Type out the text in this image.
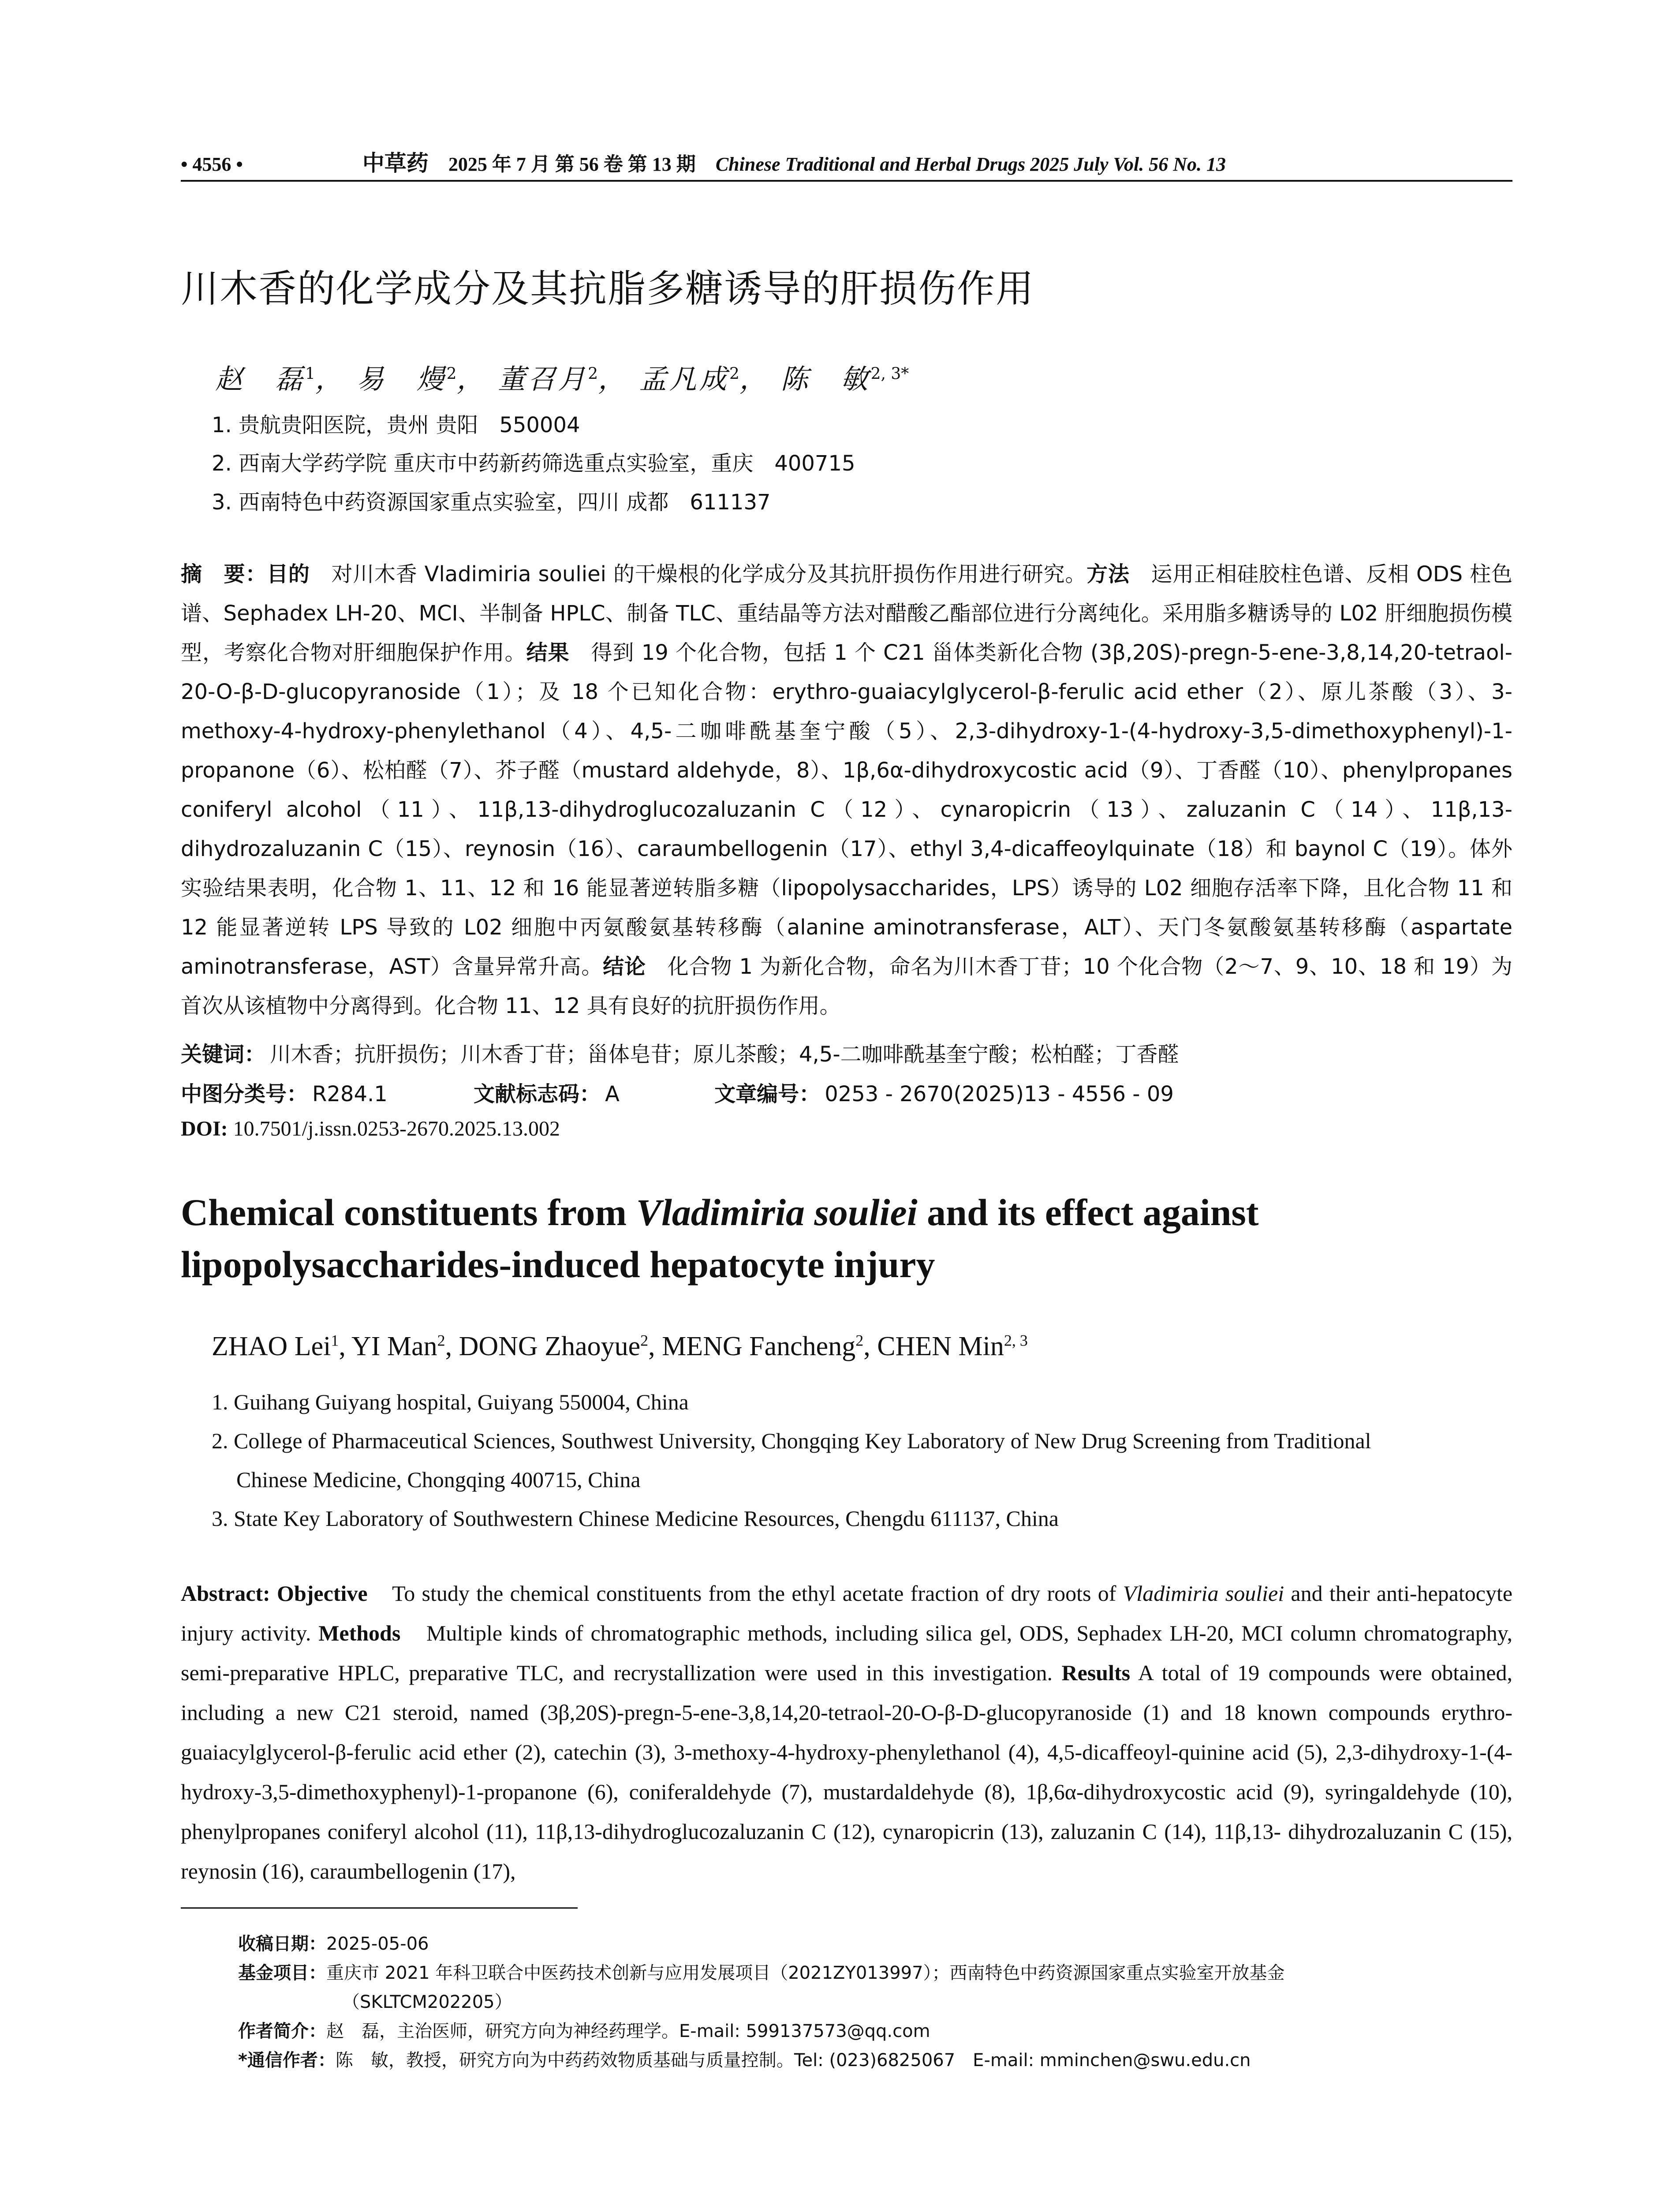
• 4556 •	中草药 2025 年 7 月 第 56 卷 第 13 期 Chinese Traditional and Herbal Drugs 2025 July Vol. 56 No. 13
川木香的化学成分及其抗脂多糖诱导的肝损伤作用
赵　磊$^1$， 易　熳$^2$， 董召月$^2$， 孟凡成$^2$， 陈　敏$^{2, 3*}$
1. 贵航贵阳医院，贵州 贵阳　550004
2. 西南大学药学院 重庆市中药新药筛选重点实验室，重庆　400715
3. 西南特色中药资源国家重点实验室，四川 成都　611137
摘　要：目的　对川木香 Vladimiria souliei 的干燥根的化学成分及其抗肝损伤作用进行研究。方法　运用正相硅胶柱色谱、反相 ODS 柱色谱、Sephadex LH-20、MCI、半制备 HPLC、制备 TLC、重结晶等方法对醋酸乙酯部位进行分离纯化。采用脂多糖诱导的 L02 肝细胞损伤模型，考察化合物对肝细胞保护作用。结果　得到 19 个化合物，包括 1 个 C21 甾体类新化合物 (3β,20S)-pregn-5-ene-3,8,14,20-tetraol-20-O-β-D-glucopyranoside（1）；及 18 个已知化合物：erythro-guaiacylglycerol-β-ferulic acid ether（2）、原儿茶酸（3）、3-methoxy-4-hydroxy-phenylethanol（4）、4,5-二咖啡酰基奎宁酸（5）、2,3-dihydroxy-1-(4-hydroxy-3,5-dimethoxyphenyl)-1-propanone（6）、松柏醛（7）、芥子醛（mustard aldehyde，8）、1β,6α-dihydroxycostic acid（9）、丁香醛（10）、phenylpropanes coniferyl alcohol（11）、11β,13-dihydroglucozaluzanin C（12）、cynaropicrin（13）、zaluzanin C（14）、11β,13-dihydrozaluzanin C（15）、reynosin（16）、caraumbellogenin（17）、ethyl 3,4-dicaffeoylquinate（18）和 baynol C（19）。体外实验结果表明，化合物 1、11、12 和 16 能显著逆转脂多糖（lipopolysaccharides，LPS）诱导的 L02 细胞存活率下降，且化合物 11 和 12 能显著逆转 LPS 导致的 L02 细胞中丙氨酸氨基转移酶（alanine aminotransferase，ALT）、天门冬氨酸氨基转移酶（aspartate aminotransferase，AST）含量异常升高。结论　化合物 1 为新化合物，命名为川木香丁苷；10 个化合物（2～7、9、10、18 和 19）为首次从该植物中分离得到。化合物 11、12 具有良好的抗肝损伤作用。
关键词： 川木香；抗肝损伤；川木香丁苷；甾体皂苷；原儿茶酸；4,5-二咖啡酰基奎宁酸；松柏醛；丁香醛
中图分类号： R284.1	文献标志码： A	文章编号： 0253 - 2670(2025)13 - 4556 - 09
DOI: 10.7501/j.issn.0253-2670.2025.13.002
Chemical constituents from Vladimiria souliei and its effect against lipopolysaccharides-induced hepatocyte injury
ZHAO Lei$^1$, YI Man$^2$, DONG Zhaoyue$^2$, MENG Fancheng$^2$, CHEN Min$^{2, 3}$
1. Guihang Guiyang hospital, Guiyang 550004, China
2. College of Pharmaceutical Sciences, Southwest University, Chongqing Key Laboratory of New Drug Screening from Traditional
Chinese Medicine, Chongqing 400715, China
3. State Key Laboratory of Southwestern Chinese Medicine Resources, Chengdu 611137, China
Abstract: Objective　To study the chemical constituents from the ethyl acetate fraction of dry roots of Vladimiria souliei and their anti-hepatocyte injury activity. Methods　Multiple kinds of chromatographic methods, including silica gel, ODS, Sephadex LH-20, MCI column chromatography, semi-preparative HPLC, preparative TLC, and recrystallization were used in this investigation. Results A total of 19 compounds were obtained, including a new C21 steroid, named (3β,20S)-pregn-5-ene-3,8,14,20-tetraol-20-O-β-D-glucopyranoside (1) and 18 known compounds erythro-guaiacylglycerol-β-ferulic acid ether (2), catechin (3), 3-methoxy-4-hydroxy-phenylethanol (4), 4,5-dicaffeoyl-quinine acid (5), 2,3-dihydroxy-1-(4-hydroxy-3,5-dimethoxyphenyl)-1-propanone (6), coniferaldehyde (7), mustardaldehyde (8), 1β,6α-dihydroxycostic acid (9), syringaldehyde (10), phenylpropanes coniferyl alcohol (11), 11β,13-dihydroglucozaluzanin C (12), cynaropicrin (13), zaluzanin C (14), 11β,13- dihydrozaluzanin C (15), reynosin (16), caraumbellogenin (17),
收稿日期：2025-05-06
基金项目：重庆市 2021 年科卫联合中医药技术创新与应用发展项目（2021ZY013997）；西南特色中药资源国家重点实验室开放基金
（SKLTCM202205）
作者简介：赵　磊，主治医师，研究方向为神经药理学。E-mail: 599137573@qq.com
*通信作者：陈　敏，教授，研究方向为中药药效物质基础与质量控制。Tel: (023)6825067　E-mail: mminchen@swu.edu.cn
